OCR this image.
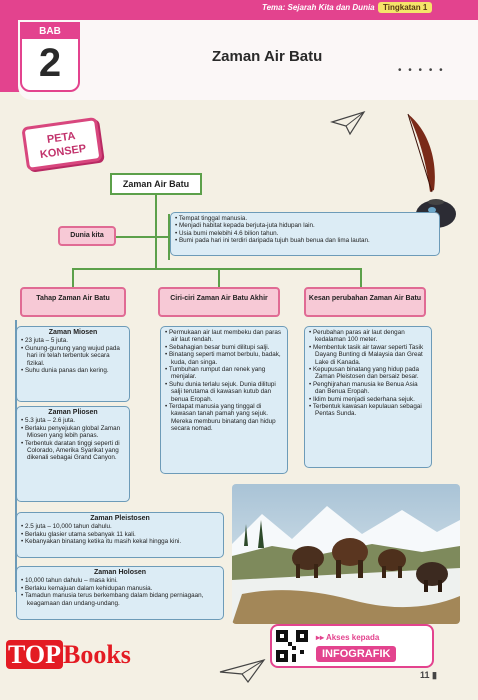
Tema: Sejarah Kita dan Dunia	Tingkatan 1
BAB
2	Zaman Air Batu
• • • • •
PETA
KONSEP
Zaman Air Batu
Dunia kita
• Tempat tinggal manusia.
• Menjadi habitat kepada berjuta-juta hidupan lain.
• Usia bumi melebihi 4.6 bilion tahun.
• Bumi pada hari ini terdiri daripada tujuh buah benua dan lima lautan.
Tahap Zaman Air Batu	Ciri-ciri Zaman Air Batu Akhir	Kesan perubahan Zaman Air Batu
Zaman Miosen
• 23 juta – 5 juta.
• Gunung-gunung yang wujud pada hari ini telah terbentuk secara fizikal.
• Suhu dunia panas dan kering.
Zaman Pliosen
• 5.3 juta – 2.6 juta.
• Berlaku penyejukan global Zaman Miosen yang lebih panas.
• Terbentuk daratan tinggi seperti di Colorado, Amerika Syarikat yang dikenali sebagai Grand Canyon.
Zaman Pleistosen
• 2.5 juta – 10,000 tahun dahulu.
• Berlaku glasier utama sebanyak 11 kali.
• Kebanyakan binatang ketika itu masih kekal hingga kini.
Zaman Holosen
• 10,000 tahun dahulu – masa kini.
• Berlaku kemajuan dalam kehidupan manusia.
• Tamadun manusia terus berkembang dalam bidang perniagaan, keagamaan dan undang-undang.
• Permukaan air laut membeku dan paras air laut rendah.
• Sebahagian besar bumi dilitupi salji.
• Binatang seperti mamot berbulu, badak, kuda, dan singa.
• Tumbuhan rumput dan renek yang menjalar.
• Suhu dunia terlalu sejuk. Dunia dilitupi salji terutama di kawasan kutub dan benua Eropah.
• Terdapat manusia yang tinggal di kawasan tanah pamah yang sejuk. Mereka memburu binatang dan hidup secara nomad.
• Perubahan paras air laut dengan kedalaman 100 meter.
• Membentuk tasik air tawar seperti Tasik Dayang Bunting di Malaysia dan Great Lake di Kanada.
• Kepupusan binatang yang hidup pada Zaman Pleistosen dan bersaiz besar.
• Penghijrahan manusia ke Benua Asia dan Benua Eropah.
• Iklim bumi menjadi sederhana sejuk.
• Terbentuk kawasan kepulauan sebagai Pentas Sunda.
TOPBooks
▸▸ Akses kepada
INFOGRAFIK
11 ▮
